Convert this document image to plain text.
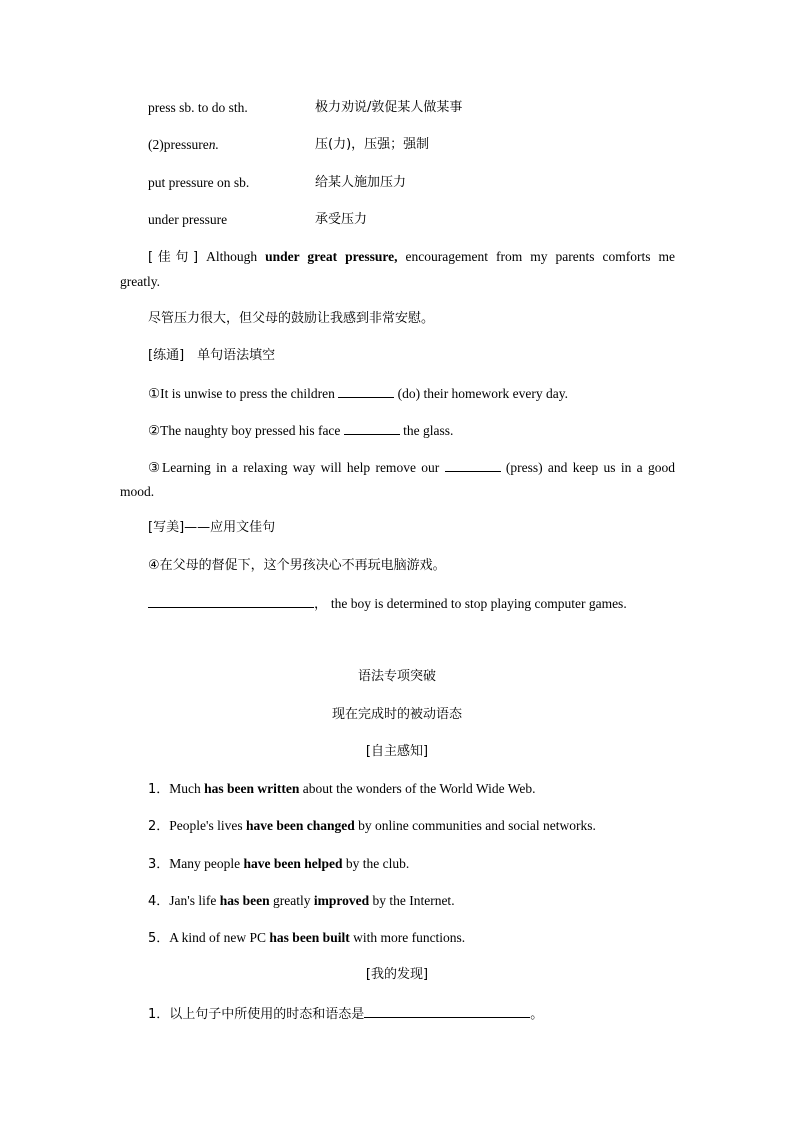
press sb. to do sth.	极力劝说/敦促某人做某事
(2)pressuren.	压(力)，压强；强制
put pressure on sb.	给某人施加压力
under pressure	承受压力
[佳句] Although under great pressure, encouragement from my parents comforts me
greatly.
尽管压力很大，但父母的鼓励让我感到非常安慰。
[练通]　单句语法填空
①It is unwise to press the children	(do) their homework every day.
②The naughty boy pressed his face	the glass.
③Learning in a relaxing way will help remove our	(press) and keep us in a good
mood.
[写美]——应用文佳句
④在父母的督促下，这个男孩决心不再玩电脑游戏。
， the boy is determined to stop playing computer games.
语法专项突破
现在完成时的被动语态
[自主感知]
1．Much has been written about the wonders of the World Wide Web.
2．People's lives have been changed by online communities and social networks.
3．Many people have been helped by the club.
4．Jan's life has been greatly improved by the Internet.
5．A kind of new PC has been built with more functions.
[我的发现]
1．以上句子中所使用的时态和语态是	。
